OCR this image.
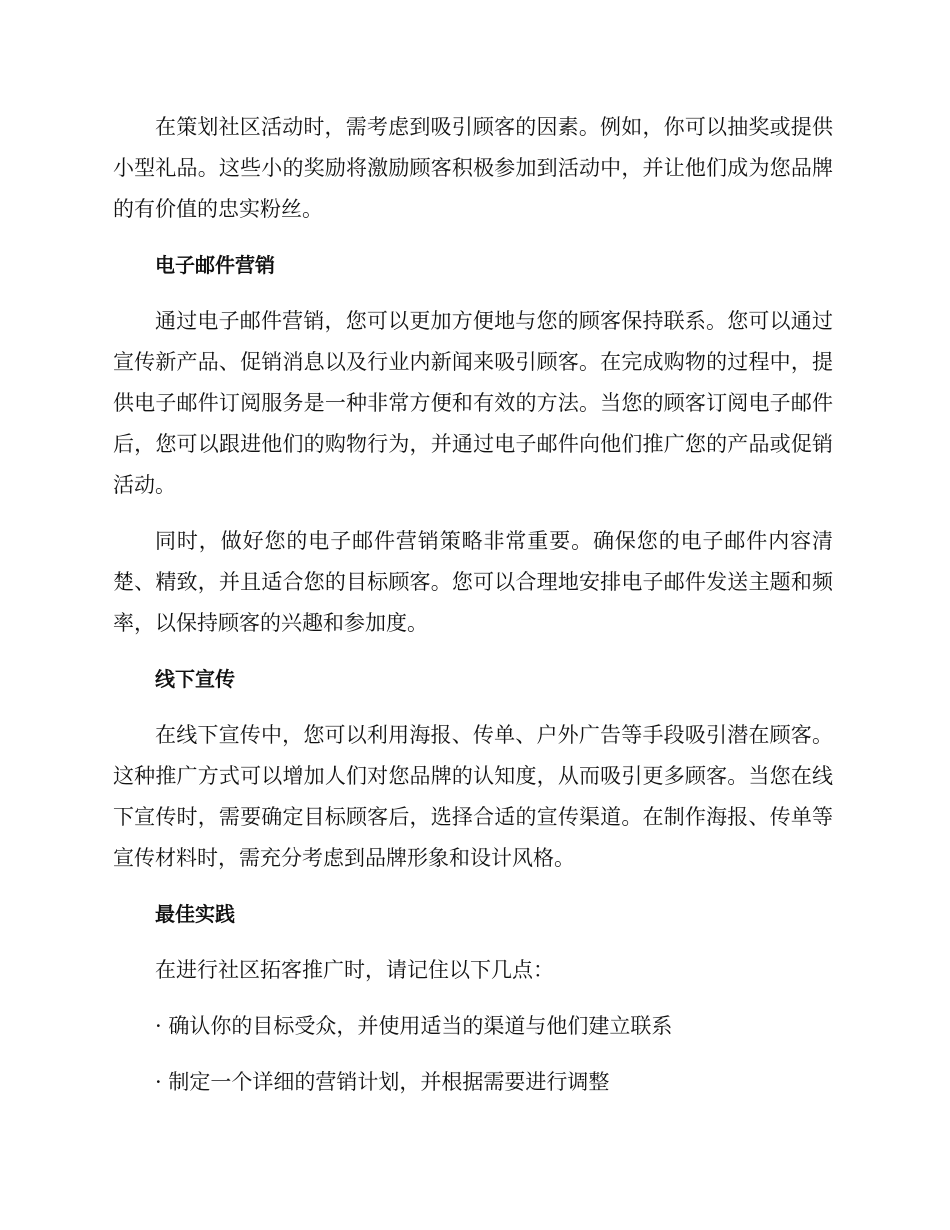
在策划社区活动时，需考虑到吸引顾客的因素。例如，你可以抽奖或提供小型礼品。这些小的奖励将激励顾客积极参加到活动中，并让他们成为您品牌的有价值的忠实粉丝。

电子邮件营销

通过电子邮件营销，您可以更加方便地与您的顾客保持联系。您可以通过宣传新产品、促销消息以及行业内新闻来吸引顾客。在完成购物的过程中，提供电子邮件订阅服务是一种非常方便和有效的方法。当您的顾客订阅电子邮件后，您可以跟进他们的购物行为，并通过电子邮件向他们推广您的产品或促销活动。

同时，做好您的电子邮件营销策略非常重要。确保您的电子邮件内容清楚、精致，并且适合您的目标顾客。您可以合理地安排电子邮件发送主题和频率，以保持顾客的兴趣和参加度。

线下宣传

在线下宣传中，您可以利用海报、传单、户外广告等手段吸引潜在顾客。这种推广方式可以增加人们对您品牌的认知度，从而吸引更多顾客。当您在线下宣传时，需要确定目标顾客后，选择合适的宣传渠道。在制作海报、传单等宣传材料时，需充分考虑到品牌形象和设计风格。

最佳实践

在进行社区拓客推广时，请记住以下几点：

· 确认你的目标受众，并使用适当的渠道与他们建立联系
· 制定一个详细的营销计划，并根据需要进行调整
